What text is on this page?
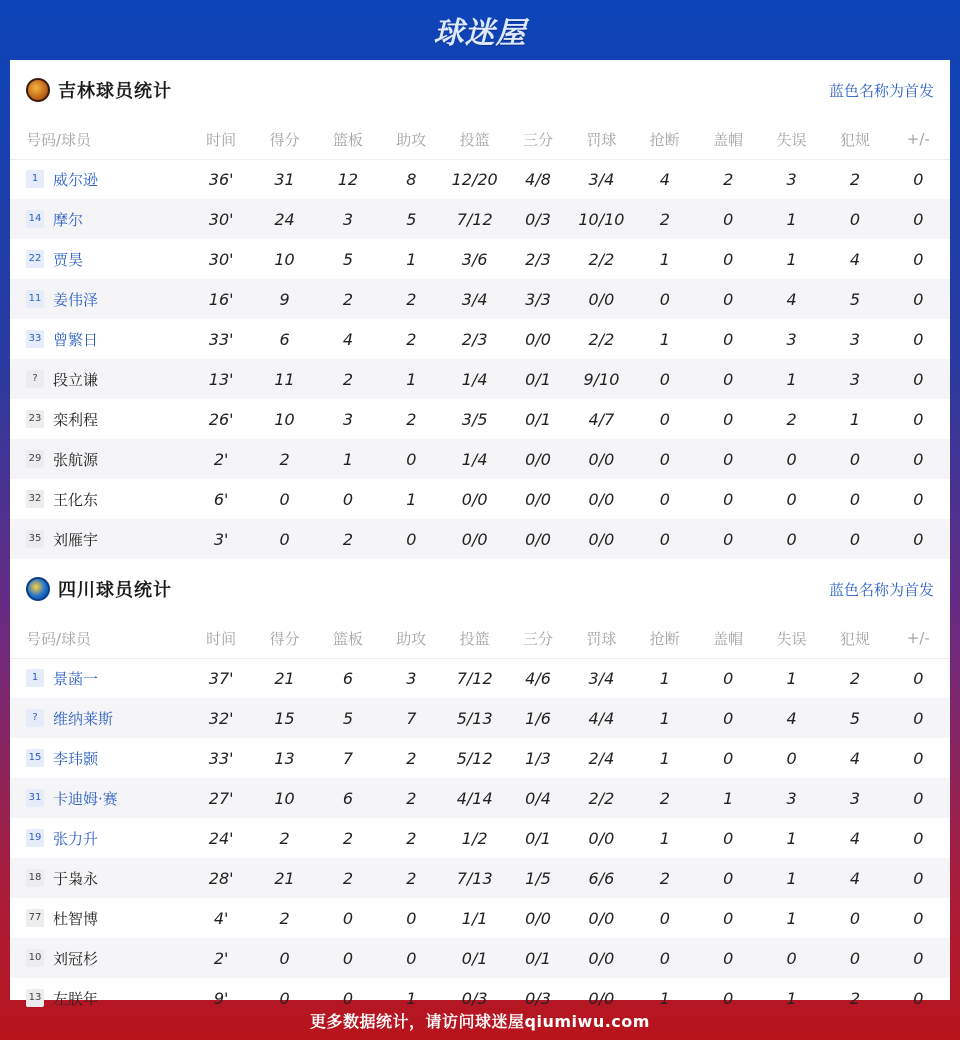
球迷屋
吉林球员统计	蓝色名称为首发
号码/球员	时间	得分	篮板	助攻	投篮	三分	罚球	抢断	盖帽	失误	犯规	+/-
1 威尔逊	36'	31	12	8	12/20	4/8	3/4	4	2	3	2	0
14 摩尔	30'	24	3	5	7/12	0/3	10/10	2	0	1	0	0
22 贾昊	30'	10	5	1	3/6	2/3	2/2	1	0	1	4	0
11 姜伟泽	16'	9	2	2	3/4	3/3	0/0	0	0	4	5	0
33 曾繁日	33'	6	4	2	2/3	0/0	2/2	1	0	3	3	0
? 段立谦	13'	11	2	1	1/4	0/1	9/10	0	0	1	3	0
23 栾利程	26'	10	3	2	3/5	0/1	4/7	0	0	2	1	0
29 张航源	2'	2	1	0	1/4	0/0	0/0	0	0	0	0	0
32 王化东	6'	0	0	1	0/0	0/0	0/0	0	0	0	0	0
35 刘雁宇	3'	0	2	0	0/0	0/0	0/0	0	0	0	0	0
四川球员统计	蓝色名称为首发
号码/球员	时间	得分	篮板	助攻	投篮	三分	罚球	抢断	盖帽	失误	犯规	+/-
1 景菡一	37'	21	6	3	7/12	4/6	3/4	1	0	1	2	0
? 维纳莱斯	32'	15	5	7	5/13	1/6	4/4	1	0	4	5	0
15 李玮颢	33'	13	7	2	5/12	1/3	2/4	1	0	0	4	0
31 卡迪姆·赛	27'	10	6	2	4/14	0/4	2/2	2	1	3	3	0
19 张力升	24'	2	2	2	1/2	0/1	0/0	1	0	1	4	0
18 于枭永	28'	21	2	2	7/13	1/5	6/6	2	0	1	4	0
77 杜智博	4'	2	0	0	1/1	0/0	0/0	0	0	1	0	0
10 刘冠杉	2'	0	0	0	0/1	0/1	0/0	0	0	0	0	0
13 左朕年	9'	0	0	1	0/3	0/3	0/0	1	0	1	2	0
更多数据统计，请访问球迷屋qiumiwu.com
